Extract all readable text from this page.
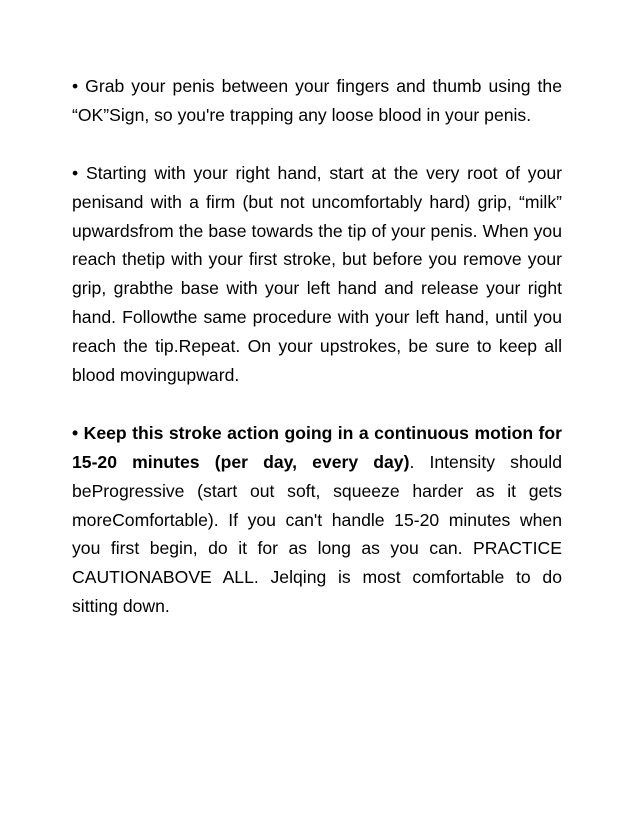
• Grab your penis between your fingers and thumb using the “OK”Sign, so you're trapping any loose blood in your penis.

• Starting with your right hand, start at the very root of your penisand with a firm (but not uncomfortably hard) grip, “milk” upwardsfrom the base towards the tip of your penis. When you reach thetip with your first stroke, but before you remove your grip, grabthe base with your left hand and release your right hand. Followthe same procedure with your left hand, until you reach the tip.Repeat. On your upstrokes, be sure to keep all blood movingupward.

• Keep this stroke action going in a continuous motion for 15-20 minutes (per day, every day). Intensity should beProgressive (start out soft, squeeze harder as it gets moreComfortable). If you can't handle 15-20 minutes when you first begin, do it for as long as you can. PRACTICE CAUTIONABOVE ALL. Jelqing is most comfortable to do sitting down.
